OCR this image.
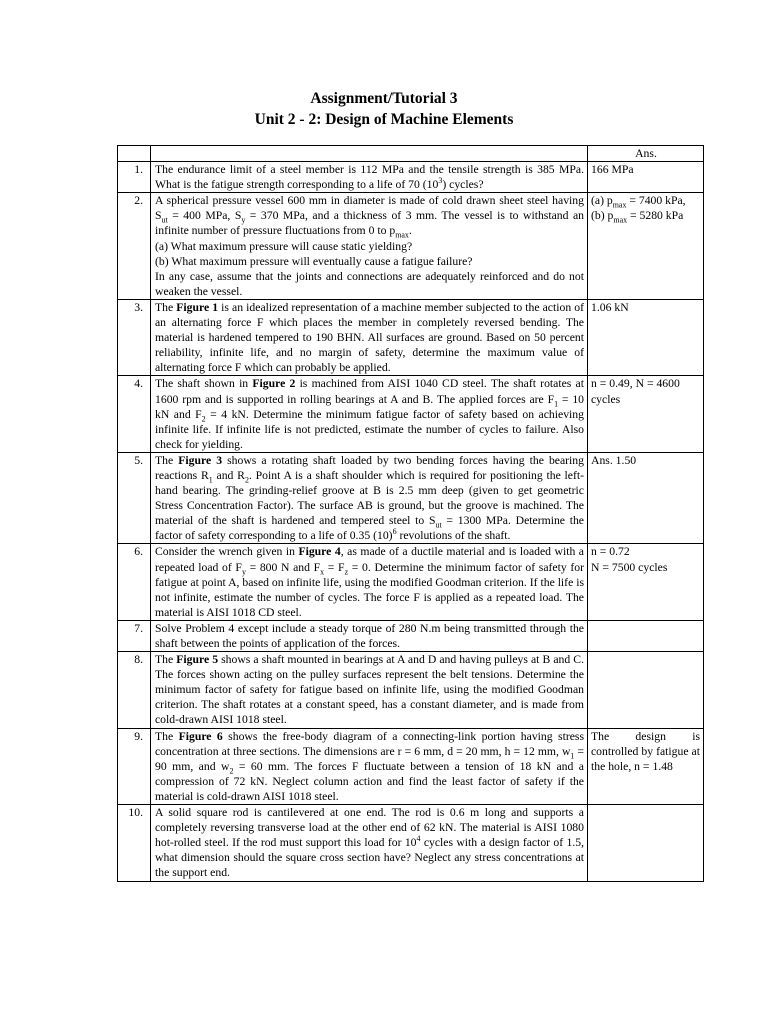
Assignment/Tutorial 3
Unit 2 - 2: Design of Machine Elements
		Ans.
1.	The endurance limit of a steel member is 112 MPa and the tensile strength is 385 MPa. What is the fatigue strength corresponding to a life of 70 $(10^3)$ cycles?	166 MPa
2.	A spherical pressure vessel 600 mm in diameter is made of cold drawn sheet steel having $S_{ut} = 400$ MPa, $S_y = 370$ MPa, and a thickness of 3 mm. The vessel is to withstand an infinite number of pressure fluctuations from 0 to $p_{max}$.
(a) What maximum pressure will cause static yielding?
(b) What maximum pressure will eventually cause a fatigue failure?
In any case, assume that the joints and connections are adequately reinforced and do not weaken the vessel.	(a) $p_{max} = 7400$ kPa,
(b) $p_{max} = 5280$ kPa
3.	The Figure 1 is an idealized representation of a machine member subjected to the action of an alternating force F which places the member in completely reversed bending. The material is hardened tempered to 190 BHN. All surfaces are ground. Based on 50 percent reliability, infinite life, and no margin of safety, determine the maximum value of alternating force F which can probably be applied.	1.06 kN
4.	The shaft shown in Figure 2 is machined from AISI 1040 CD steel. The shaft rotates at 1600 rpm and is supported in rolling bearings at A and B. The applied forces are $F_1 = 10$ kN and $F_2 = 4$ kN. Determine the minimum fatigue factor of safety based on achieving infinite life. If infinite life is not predicted, estimate the number of cycles to failure. Also check for yielding.	n = 0.49, N = 4600 cycles
5.	The Figure 3 shows a rotating shaft loaded by two bending forces having the bearing reactions $R_1$ and $R_2$. Point A is a shaft shoulder which is required for positioning the left-hand bearing. The grinding-relief groove at B is 2.5 mm deep (given to get geometric Stress Concentration Factor). The surface AB is ground, but the groove is machined. The material of the shaft is hardened and tempered steel to $S_{ut} = 1300$ MPa. Determine the factor of safety corresponding to a life of 0.35 $(10)^6$ revolutions of the shaft.	Ans. 1.50
6.	Consider the wrench given in Figure 4, as made of a ductile material and is loaded with a repeated load of $F_y = 800$ N and $F_x = F_z = 0$. Determine the minimum factor of safety for fatigue at point A, based on infinite life, using the modified Goodman criterion. If the life is not infinite, estimate the number of cycles. The force F is applied as a repeated load. The material is AISI 1018 CD steel.	n = 0.72
N = 7500 cycles
7.	Solve Problem 4 except include a steady torque of 280 N.m being transmitted through the shaft between the points of application of the forces.	
8.	The Figure 5 shows a shaft mounted in bearings at A and D and having pulleys at B and C. The forces shown acting on the pulley surfaces represent the belt tensions. Determine the minimum factor of safety for fatigue based on infinite life, using the modified Goodman criterion. The shaft rotates at a constant speed, has a constant diameter, and is made from cold-drawn AISI 1018 steel.	
9.	The Figure 6 shows the free-body diagram of a connecting-link portion having stress concentration at three sections. The dimensions are r = 6 mm, d = 20 mm, h = 12 mm, $w_1 = 90$ mm, and $w_2 = 60$ mm. The forces F fluctuate between a tension of 18 kN and a compression of 72 kN. Neglect column action and find the least factor of safety if the material is cold-drawn AISI 1018 steel.	The design is controlled by fatigue at the hole, n = 1.48
10.	A solid square rod is cantilevered at one end. The rod is 0.6 m long and supports a completely reversing transverse load at the other end of 62 kN. The material is AISI 1080 hot-rolled steel. If the rod must support this load for $10^4$ cycles with a design factor of 1.5, what dimension should the square cross section have? Neglect any stress concentrations at the support end.	
